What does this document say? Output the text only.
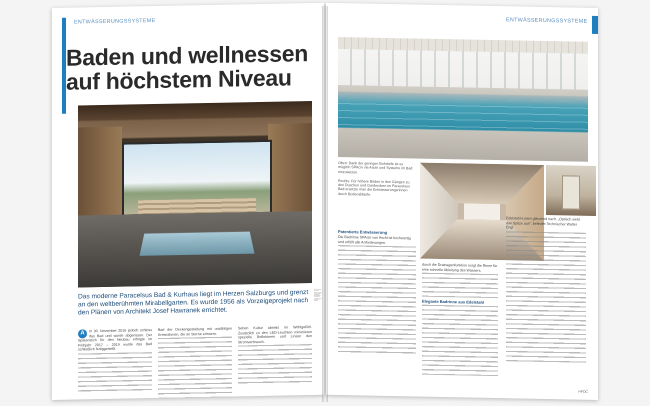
OBJEKTBERICHT
ENTWÄSSERUNGSSYSTEME
Baden und wellnessen auf höchstem Niveau
Das moderne Paracelsus Bad & Kurhaus liegt im Herzen Salzburgs und grenzt an den weltberühmten Mirabellgarten. Es wurde 1956 als Vorzeigeprojekt nach den Plänen von Architekt Josef Hawranek errichtet.
A	m 30. November 2016 jedoch schloss das Bad und wurde abgerissen. Der Spatenstich für den Neubau erfolgte im Frühjahr 2017 – 2019 wurde das Bad schließlich fertiggestellt.
Bad der Deckengestaltung mit unzähligen Kreisrahmen, die an Sterne erinnern.
Sehen Kultur abseits im Wohlgefühl. Zusätzlich zu den LED-Leuchten minimieren spezielle Reflektoren und Linsen den Stromverbrauch.
In der Saunalandschaft des neuen Paracelsus Bad & Kurhaus bieten großflächige Fensterflächen spektakuläre Ausblicke auf die Altstadt von Salzburg.
ENTWÄSSERUNGSSYSTEME
Oben: Dank der geringen Bohrtiefe ist es möglich SPAcin via AschI und Systeme im Bad einzusetzen.

Rechts: Für höhere Böden in den Gängen zu den Duschen und Garderoben im Paracelsus Bad ersetzte man die Entwässerungsrinnen durch Bodenabläufe.
Patentierte Entwässerung
Die Badrinne SPAcin von Aschl ist hochwertig und erfüllt alle Anforderungen.
durch die Drainagenfunktion sorgt die Rinne für eine schnelle Ableitung des Wassers.
Elegante Badrinne aus Edelstahl
Edelstahl-Linien glänzend nach. „Optisch sieht das Spitze aus“, befindet Technischer Walter Engl.
HPDC
